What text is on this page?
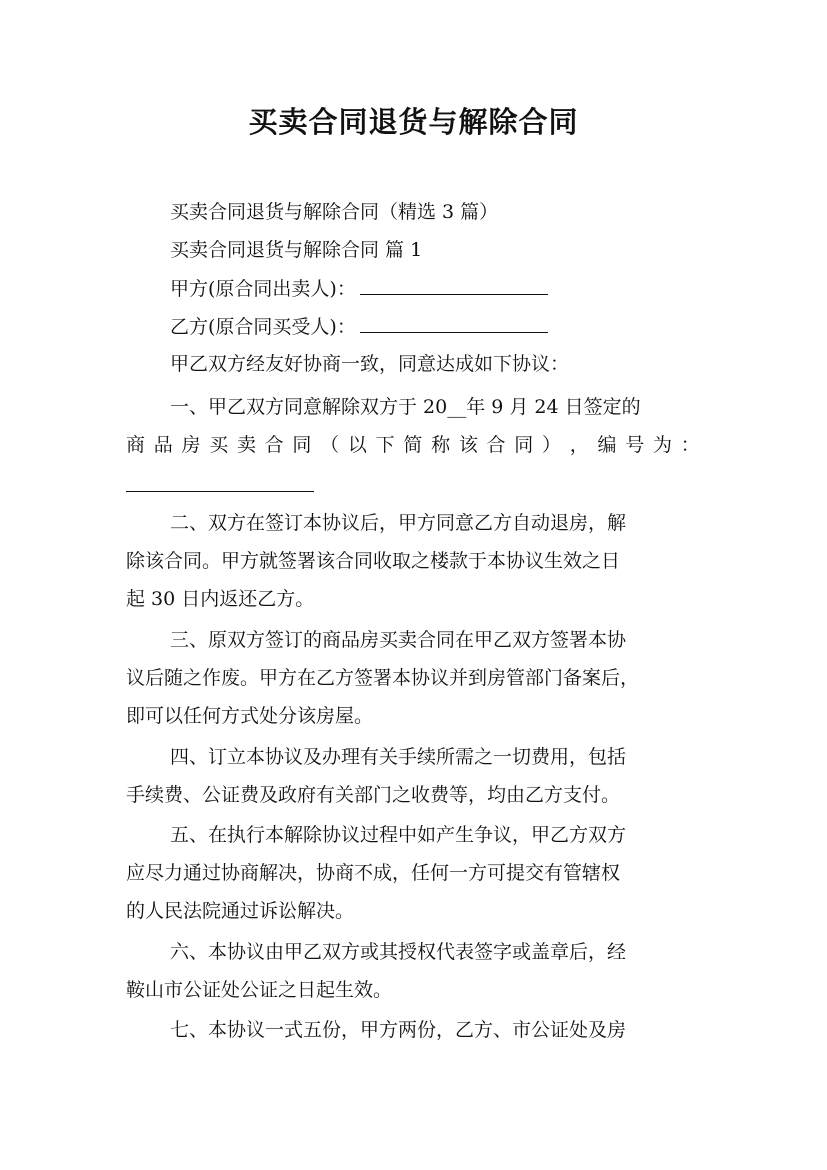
买卖合同退货与解除合同
买卖合同退货与解除合同（精选 3 篇）
买卖合同退货与解除合同 篇 1
甲方(原合同出卖人)：
乙方(原合同买受人)：
甲乙双方经友好协商一致，同意达成如下协议：
一、甲乙双方同意解除双方于 20__年 9 月 24 日签定的
商 品 房 买 卖 合 同 （ 以 下 简 称 该 合 同 ） ， 编 号 为 ：
二、双方在签订本协议后，甲方同意乙方自动退房，解
除该合同。甲方就签署该合同收取之楼款于本协议生效之日
起 30 日内返还乙方。
三、原双方签订的商品房买卖合同在甲乙双方签署本协
议后随之作废。甲方在乙方签署本协议并到房管部门备案后，
即可以任何方式处分该房屋。
四、订立本协议及办理有关手续所需之一切费用，包括
手续费、公证费及政府有关部门之收费等，均由乙方支付。
五、在执行本解除协议过程中如产生争议，甲乙方双方
应尽力通过协商解决，协商不成，任何一方可提交有管辖权
的人民法院通过诉讼解决。
六、本协议由甲乙双方或其授权代表签字或盖章后，经
鞍山市公证处公证之日起生效。
七、本协议一式五份，甲方两份，乙方、市公证处及房
